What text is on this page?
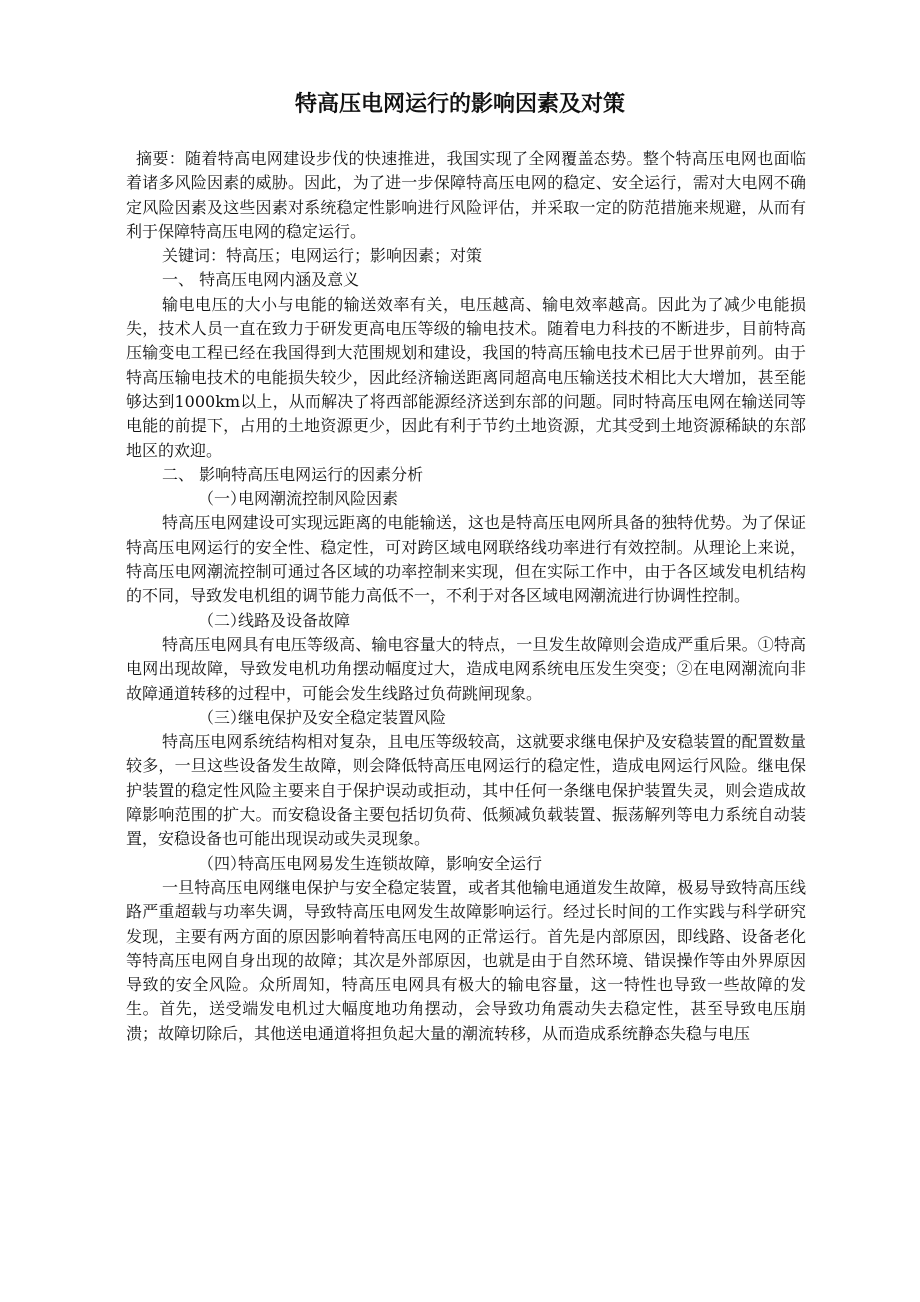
特高压电网运行的影响因素及对策

摘要：随着特高电网建设步伐的快速推进，我国实现了全网覆盖态势。整个特高压电网也面临着诸多风险因素的威胁。因此，为了进一步保障特高压电网的稳定、安全运行，需对大电网不确定风险因素及这些因素对系统稳定性影响进行风险评估，并采取一定的防范措施来规避，从而有利于保障特高压电网的稳定运行。

关键词：特高压；电网运行；影响因素；对策

一、 特高压电网内涵及意义

输电电压的大小与电能的输送效率有关，电压越高、输电效率越高。因此为了减少电能损失，技术人员一直在致力于研发更高电压等级的输电技术。随着电力科技的不断进步，目前特高压输变电工程已经在我国得到大范围规划和建设，我国的特高压输电技术已居于世界前列。由于特高压输电技术的电能损失较少，因此经济输送距离同超高电压输送技术相比大大增加，甚至能够达到1000km以上，从而解决了将西部能源经济送到东部的问题。同时特高压电网在输送同等电能的前提下，占用的土地资源更少，因此有利于节约土地资源，尤其受到土地资源稀缺的东部地区的欢迎。

二、 影响特高压电网运行的因素分析

（一）电网潮流控制风险因素

特高压电网建设可实现远距离的电能输送，这也是特高压电网所具备的独特优势。为了保证特高压电网运行的安全性、稳定性，可对跨区域电网联络线功率进行有效控制。从理论上来说，特高压电网潮流控制可通过各区域的功率控制来实现，但在实际工作中，由于各区域发电机结构的不同，导致发电机组的调节能力高低不一，不利于对各区域电网潮流进行协调性控制。

（二）线路及设备故障

特高压电网具有电压等级高、输电容量大的特点，一旦发生故障则会造成严重后果。①特高电网出现故障，导致发电机功角摆动幅度过大，造成电网系统电压发生突变；②在电网潮流向非故障通道转移的过程中，可能会发生线路过负荷跳闸现象。

（三）继电保护及安全稳定装置风险

特高压电网系统结构相对复杂，且电压等级较高，这就要求继电保护及安稳装置的配置数量较多，一旦这些设备发生故障，则会降低特高压电网运行的稳定性，造成电网运行风险。继电保护装置的稳定性风险主要来自于保护误动或拒动，其中任何一条继电保护装置失灵，则会造成故障影响范围的扩大。而安稳设备主要包括切负荷、低频减负载装置、振荡解列等电力系统自动装置，安稳设备也可能出现误动或失灵现象。

（四）特高压电网易发生连锁故障，影响安全运行

一旦特高压电网继电保护与安全稳定装置，或者其他输电通道发生故障，极易导致特高压线路严重超载与功率失调，导致特高压电网发生故障影响运行。经过长时间的工作实践与科学研究发现，主要有两方面的原因影响着特高压电网的正常运行。首先是内部原因，即线路、设备老化等特高压电网自身出现的故障；其次是外部原因，也就是由于自然环境、错误操作等由外界原因导致的安全风险。众所周知，特高压电网具有极大的输电容量，这一特性也导致一些故障的发生。首先，送受端发电机过大幅度地功角摆动，会导致功角震动失去稳定性，甚至导致电压崩溃；故障切除后，其他送电通道将担负起大量的潮流转移，从而造成系统静态失稳与电压
